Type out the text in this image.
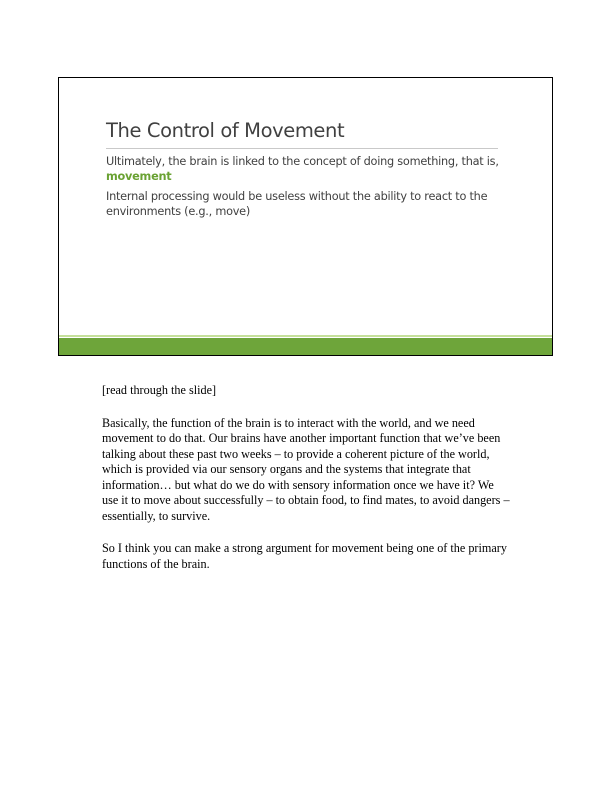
The Control of Movement
Ultimately, the brain is linked to the concept of doing something, that is,
movement
Internal processing would be useless without the ability to react to the environments (e.g., move)

[read through the slide]

Basically, the function of the brain is to interact with the world, and we need movement to do that. Our brains have another important function that we’ve been talking about these past two weeks – to provide a coherent picture of the world, which is provided via our sensory organs and the systems that integrate that information… but what do we do with sensory information once we have it? We use it to move about successfully – to obtain food, to find mates, to avoid dangers – essentially, to survive.

So I think you can make a strong argument for movement being one of the primary functions of the brain.
